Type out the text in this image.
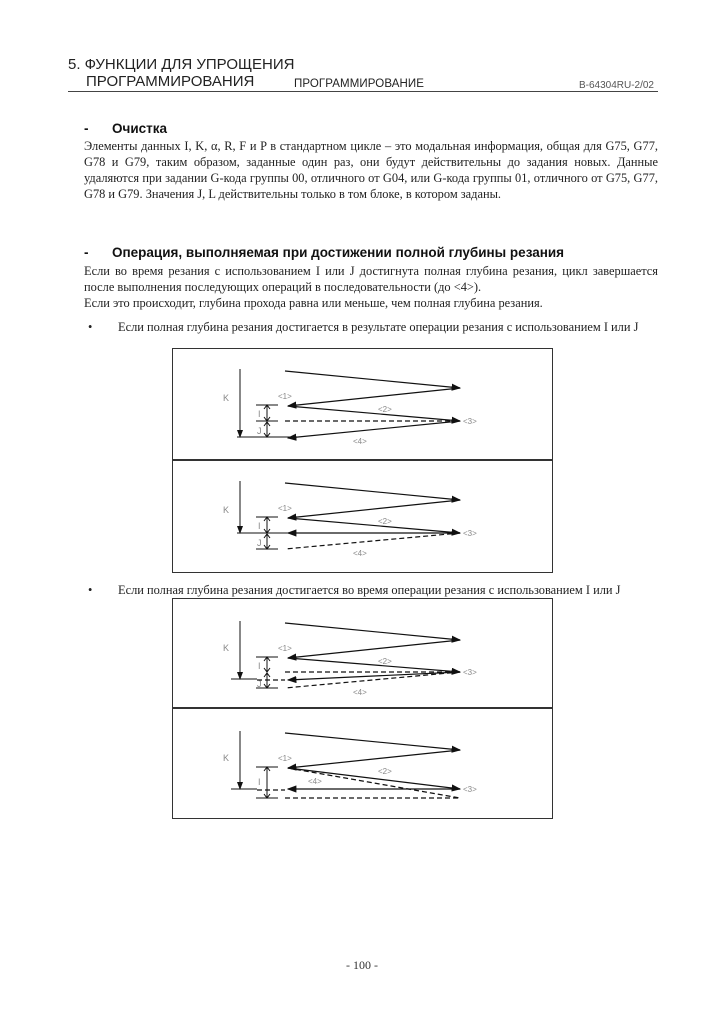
5. ФУНКЦИИ ДЛЯ УПРОЩЕНИЯ
ПРОГРАММИРОВАНИЯ	ПРОГРАММИРОВАНИЕ	B-64304RU-2/02
- Очистка

Элементы данных I, K, α, R, F и P в стандартном цикле – это модальная информация, общая для G75, G77, G78 и G79, таким образом, заданные один раз, они будут действительны до задания новых. Данные удаляются при задании G-кода группы 00, отличного от G04, или G-кода группы 01, отличного от G75, G77, G78 и G79. Значения J, L действительны только в том блоке, в котором заданы.

- Операция, выполняемая при достижении полной глубины резания

Если во время резания с использованием I или J достигнута полная глубина резания, цикл завершается после выполнения последующих операций в последовательности (до <4>).

Если это происходит, глубина прохода равна или меньше, чем полная глубина резания.

• Если полная глубина резания достигается в результате операции резания с использованием I или J
K
I
J
<1>
<2>
<3>
<4>
K
I
J
<1>
<2>
<3>
<4>
• Если полная глубина резания достигается во время операции резания с использованием I или J
K
I
J
<1>
<2>
<3>
<4>
K
I
<1>
<2>
<3>
<4>
- 100 -
